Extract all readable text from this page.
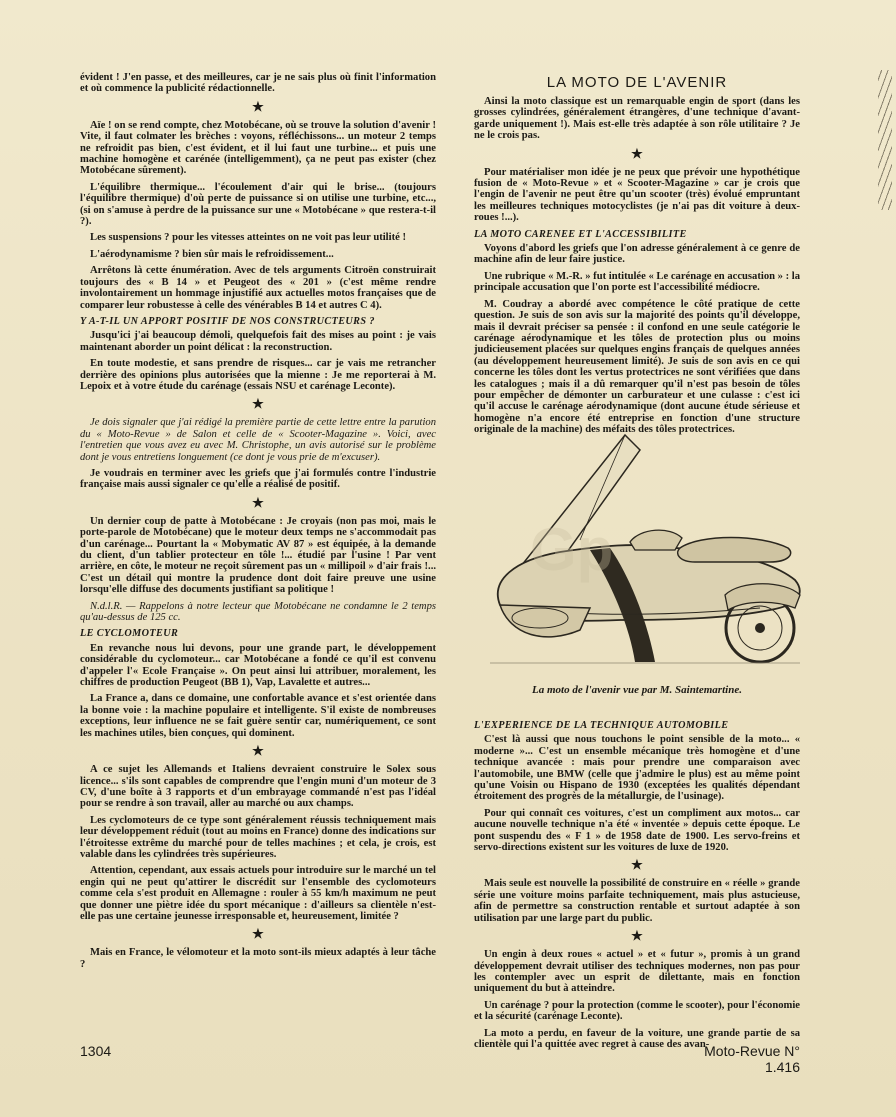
évident ! J'en passe, et des meilleures, car je ne sais plus où finit l'information et où commence la publicité rédactionnelle.

★

Aïe ! on se rend compte, chez Motobécane, où se trouve la solution d'avenir ! Vite, il faut colmater les brèches : voyons, réfléchissons... un moteur 2 temps ne refroidit pas bien, c'est évident, et il lui faut une turbine... et puis une machine homogène et carénée (intelligemment), ça ne peut pas exister (chez Motobécane sûrement).

L'équilibre thermique... l'écoulement d'air qui le brise... (toujours l'équilibre thermique) d'où perte de puissance si on utilise une turbine, etc..., (si on s'amuse à perdre de la puissance sur une « Motobécane » que restera-t-il ?).

Les suspensions ? pour les vitesses atteintes on ne voit pas leur utilité !

L'aérodynamisme ? bien sûr mais le refroidissement...

Arrêtons là cette énumération. Avec de tels arguments Citroën construirait toujours des « B 14 » et Peugeot des « 201 » (c'est même rendre involontairement un hommage injustifié aux actuelles motos françaises que de comparer leur robustesse à celle des vénérables B 14 et autres C 4).

Y A-T-IL UN APPORT POSITIF DE NOS CONSTRUCTEURS ?

Jusqu'ici j'ai beaucoup démoli, quelquefois fait des mises au point : je vais maintenant aborder un point délicat : la reconstruction.

En toute modestie, et sans prendre de risques... car je vais me retrancher derrière des opinions plus autorisées que la mienne : Je me reporterai à M. Lepoix et à votre étude du carénage (essais NSU et carénage Leconte).

★

Je dois signaler que j'ai rédigé la première partie de cette lettre entre la parution du « Moto-Revue » de Salon et celle de « Scooter-Magazine ». Voici, avec l'entretien que vous avez eu avec M. Christophe, un avis autorisé sur le problème dont je vous entretiens longuement (ce dont je vous prie de m'excuser).

Je voudrais en terminer avec les griefs que j'ai formulés contre l'industrie française mais aussi signaler ce qu'elle a réalisé de positif.

★

Un dernier coup de patte à Motobécane : Je croyais (non pas moi, mais le porte-parole de Motobécane) que le moteur deux temps ne s'accommodait pas d'un carénage... Pourtant la « Mobymatic AV 87 » est équipée, à la demande du client, d'un tablier protecteur en tôle !... étudié par l'usine ! Par vent arrière, en côte, le moteur ne reçoit sûrement pas un « millipoil » d'air frais !... C'est un détail qui montre la prudence dont doit faire preuve une usine lorsqu'elle diffuse des documents justifiant sa politique !

N.d.l.R. — Rappelons à notre lecteur que Motobécane ne condamne le 2 temps qu'au-dessus de 125 cc.

LE CYCLOMOTEUR

En revanche nous lui devons, pour une grande part, le développement considérable du cyclomoteur... car Motobécane a fondé ce qu'il est convenu d'appeler l'« Ecole Française ». On peut ainsi lui attribuer, moralement, les chiffres de production Peugeot (BB 1), Vap, Lavalette et autres...

La France a, dans ce domaine, une confortable avance et s'est orientée dans la bonne voie : la machine populaire et intelligente. S'il existe de nombreuses exceptions, leur influence ne se fait guère sentir car, numériquement, ce sont les machines utiles, bien conçues, qui dominent.

★

A ce sujet les Allemands et Italiens devraient construire le Solex sous licence... s'ils sont capables de comprendre que l'engin muni d'un moteur de 3 CV, d'une boîte à 3 rapports et d'un embrayage commandé n'est pas l'idéal pour se rendre à son travail, aller au marché ou aux champs.

Les cyclomoteurs de ce type sont généralement réussis techniquement mais leur développement réduit (tout au moins en France) donne des indications sur l'étroitesse extrême du marché pour de telles machines ; et cela, je crois, est valable dans les cylindrées très supérieures.

Attention, cependant, aux essais actuels pour introduire sur le marché un tel engin qui ne peut qu'attirer le discrédit sur l'ensemble des cyclomoteurs comme cela s'est produit en Allemagne : rouler à 55 km/h maximum ne peut que donner une piètre idée du sport mécanique : d'ailleurs sa clientèle n'est-elle pas une certaine jeunesse irresponsable et, heureusement, limitée ?

★

Mais en France, le vélomoteur et la moto sont-ils mieux adaptés à leur tâche ?

LA MOTO DE L'AVENIR

Ainsi la moto classique est un remarquable engin de sport (dans les grosses cylindrées, généralement étrangères, d'une technique d'avant-garde uniquement !). Mais est-elle très adaptée à son rôle utilitaire ? Je ne le crois pas.

★

Pour matérialiser mon idée je ne peux que prévoir une hypothétique fusion de « Moto-Revue » et « Scooter-Magazine » car je crois que l'engin de l'avenir ne peut être qu'un scooter (très) évolué empruntant les meilleures techniques motocyclistes (je n'ai pas dit voiture à deux-roues !...).

LA MOTO CARENEE ET L'ACCESSIBILITE

Voyons d'abord les griefs que l'on adresse généralement à ce genre de machine afin de leur faire justice.

Une rubrique « M.-R. » fut intitulée « Le carénage en accusation » : la principale accusation que l'on porte est l'accessibilité médiocre.

M. Coudray a abordé avec compétence le côté pratique de cette question. Je suis de son avis sur la majorité des points qu'il développe, mais il devrait préciser sa pensée : il confond en une seule catégorie le carénage aérodynamique et les tôles de protection plus ou moins judicieusement placées sur quelques engins français de quelques années (au développement heureusement limité). Je suis de son avis en ce qui concerne les tôles dont les vertus protectrices ne sont vérifiées que dans les catalogues ; mais il a dû remarquer qu'il n'est pas besoin de tôles pour empêcher de démonter un carburateur et une culasse : c'est ici qu'il accuse le carénage aérodynamique (dont aucune étude sérieuse et homogène n'a encore été entreprise en fonction d'une structure originale de la machine) des méfaits des tôles protectrices.

Gp
La moto de l'avenir vue par M. Saintemartine.
L'EXPERIENCE DE LA TECHNIQUE AUTOMOBILE

C'est là aussi que nous touchons le point sensible de la moto... « moderne »... C'est un ensemble mécanique très homogène et d'une technique avancée : mais pour prendre une comparaison avec l'automobile, une BMW (celle que j'admire le plus) est au même point qu'une Voisin ou Hispano de 1930 (exceptées les qualités dépendant étroitement des progrès de la métallurgie, de l'usinage).

Pour qui connaît ces voitures, c'est un compliment aux motos... car aucune nouvelle technique n'a été « inventée » depuis cette époque. Le pont suspendu des « F 1 » de 1958 date de 1900. Les servo-freins et servo-directions existent sur les voitures de luxe de 1920.

★

Mais seule est nouvelle la possibilité de construire en « réelle » grande série une voiture moins parfaite techniquement, mais plus astucieuse, afin de permettre sa construction rentable et surtout adaptée à son utilisation par une large part du public.

★

Un engin à deux roues « actuel » et « futur », promis à un grand développement devrait utiliser des techniques modernes, non pas pour les contempler avec un esprit de dilettante, mais en fonction uniquement du but à atteindre.

Un carénage ? pour la protection (comme le scooter), pour l'économie et la sécurité (carénage Leconte).

La moto a perdu, en faveur de la voiture, une grande partie de sa clientèle qui l'a quittée avec regret à cause des avan-

1304	Moto-Revue N° 1.416
